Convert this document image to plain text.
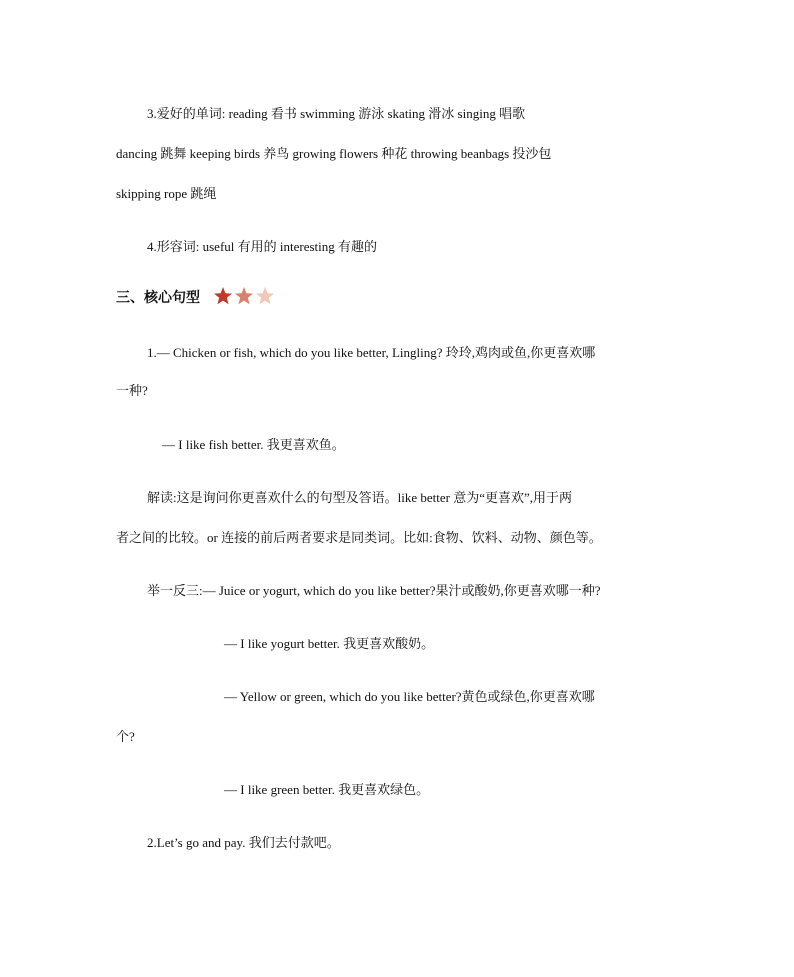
3.爱好的单词: reading 看书 swimming 游泳 skating 滑冰 singing 唱歌
dancing 跳舞 keeping birds 养鸟 growing flowers 种花 throwing beanbags 投沙包
skipping rope 跳绳
4.形容词: useful 有用的 interesting 有趣的
三、核心句型
1.— Chicken or fish, which do you like better, Lingling? 玲玲,鸡肉或鱼,你更喜欢哪
一种?
— I like fish better. 我更喜欢鱼。
解读:这是询问你更喜欢什么的句型及答语。like better 意为“更喜欢”,用于两
者之间的比较。or 连接的前后两者要求是同类词。比如:食物、饮料、动物、颜色等。
举一反三:— Juice or yogurt, which do you like better?果汁或酸奶,你更喜欢哪一种?
— I like yogurt better. 我更喜欢酸奶。
— Yellow or green, which do you like better?黄色或绿色,你更喜欢哪
个?
— I like green better. 我更喜欢绿色。
2.Let’s go and pay. 我们去付款吧。
